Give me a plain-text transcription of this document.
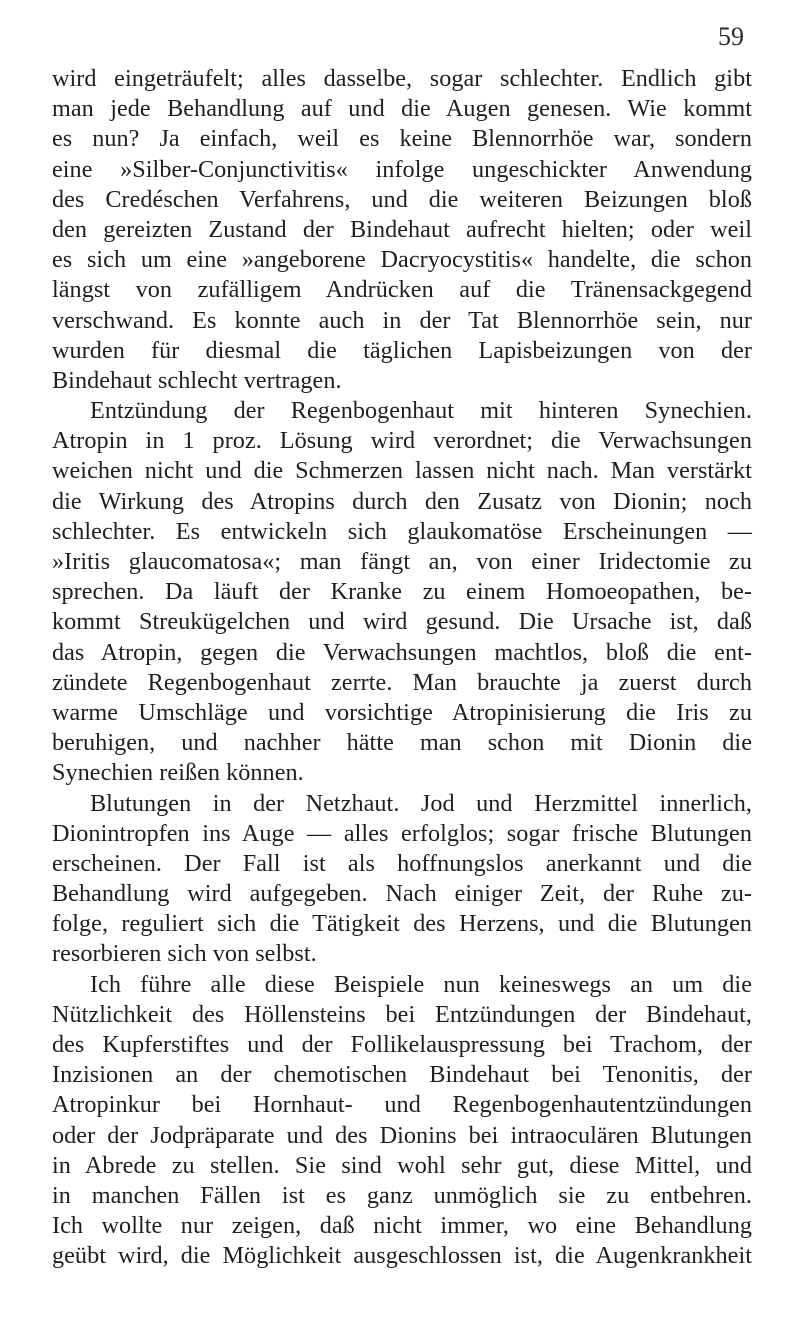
59
wird eingeträufelt; alles dasselbe, sogar schlechter. Endlich gibt
man jede Behandlung auf und die Augen genesen. Wie kommt
es nun? Ja einfach, weil es keine Blennorrhöe war, sondern
eine »Silber-Conjunctivitis« infolge ungeschickter Anwendung
des Credéschen Verfahrens, und die weiteren Beizungen bloß
den gereizten Zustand der Bindehaut aufrecht hielten; oder weil
es sich um eine »angeborene Dacryocystitis« handelte, die schon
längst von zufälligem Andrücken auf die Tränensackgegend
verschwand. Es konnte auch in der Tat Blennorrhöe sein, nur
wurden für diesmal die täglichen Lapisbeizungen von der
Bindehaut schlecht vertragen.
Entzündung der Regenbogenhaut mit hinteren Synechien.
Atropin in 1 proz. Lösung wird verordnet; die Verwachsungen
weichen nicht und die Schmerzen lassen nicht nach. Man verstärkt
die Wirkung des Atropins durch den Zusatz von Dionin; noch
schlechter. Es entwickeln sich glaukomatöse Erscheinungen —
»Iritis glaucomatosa«; man fängt an, von einer Iridectomie zu
sprechen. Da läuft der Kranke zu einem Homoeopathen, be-
kommt Streukügelchen und wird gesund. Die Ursache ist, daß
das Atropin, gegen die Verwachsungen machtlos, bloß die ent-
zündete Regenbogenhaut zerrte. Man brauchte ja zuerst durch
warme Umschläge und vorsichtige Atropinisierung die Iris zu
beruhigen, und nachher hätte man schon mit Dionin die
Synechien reißen können.
Blutungen in der Netzhaut. Jod und Herzmittel innerlich,
Dionintropfen ins Auge — alles erfolglos; sogar frische Blutungen
erscheinen. Der Fall ist als hoffnungslos anerkannt und die
Behandlung wird aufgegeben. Nach einiger Zeit, der Ruhe zu-
folge, reguliert sich die Tätigkeit des Herzens, und die Blutungen
resorbieren sich von selbst.
Ich führe alle diese Beispiele nun keineswegs an um die
Nützlichkeit des Höllensteins bei Entzündungen der Bindehaut,
des Kupferstiftes und der Follikelauspressung bei Trachom, der
Inzisionen an der chemotischen Bindehaut bei Tenonitis, der
Atropinkur bei Hornhaut- und Regenbogenhautentzündungen
oder der Jodpräparate und des Dionins bei intraoculären Blutungen
in Abrede zu stellen. Sie sind wohl sehr gut, diese Mittel, und
in manchen Fällen ist es ganz unmöglich sie zu entbehren.
Ich wollte nur zeigen, daß nicht immer, wo eine Behandlung
geübt wird, die Möglichkeit ausgeschlossen ist, die Augenkrankheit
